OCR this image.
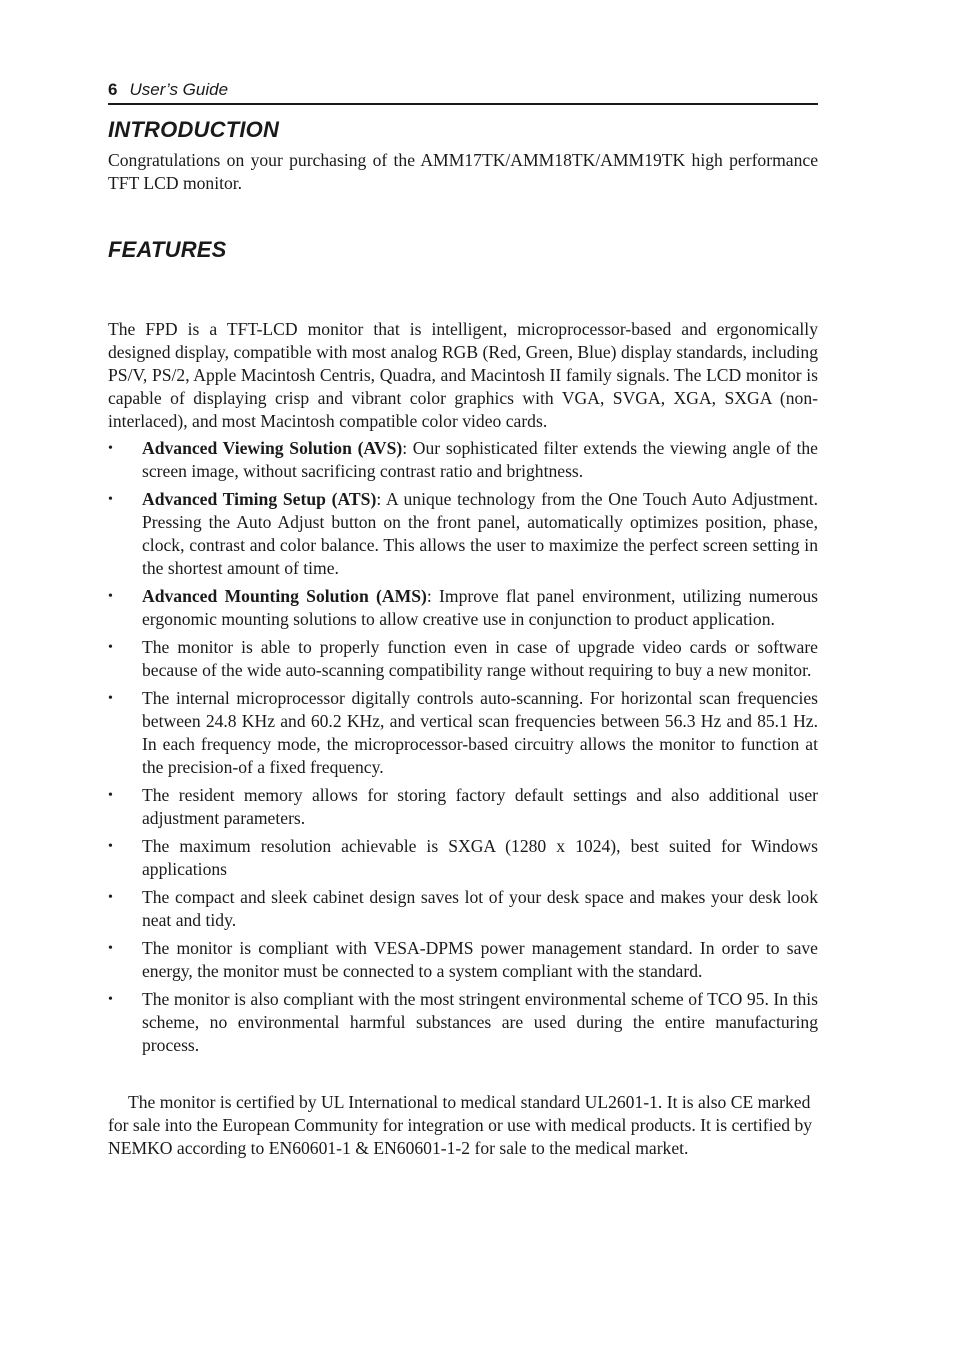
6 User’s Guide
INTRODUCTION

Congratulations on your purchasing of the AMM17TK/AMM18TK/AMM19TK high performance TFT LCD monitor.

FEATURES

The FPD is a TFT-LCD monitor that is intelligent, microprocessor-based and ergonomically designed display, compatible with most analog RGB (Red, Green, Blue) display standards, including PS/V, PS/2, Apple Macintosh Centris, Quadra, and Macintosh II family signals. The LCD monitor is capable of displaying crisp and vibrant color graphics with VGA, SVGA, XGA, SXGA (non-interlaced), and most Macintosh compatible color video cards.

•	Advanced Viewing Solution (AVS): Our sophisticated filter extends the viewing angle of the screen image, without sacrificing contrast ratio and brightness.
•	Advanced Timing Setup (ATS): A unique technology from the One Touch Auto Adjustment. Pressing the Auto Adjust button on the front panel, automatically optimizes position, phase, clock, contrast and color balance. This allows the user to maximize the perfect screen setting in the shortest amount of time.
•	Advanced Mounting Solution (AMS): Improve flat panel environment, utilizing numerous ergonomic mounting solutions to allow creative use in conjunction to product application.
•	The monitor is able to properly function even in case of upgrade video cards or software because of the wide auto-scanning compatibility range without requiring to buy a new monitor.
•	The internal microprocessor digitally controls auto-scanning. For horizontal scan frequencies between 24.8 KHz and 60.2 KHz, and vertical scan frequencies between 56.3 Hz and 85.1 Hz. In each frequency mode, the microprocessor-based circuitry allows the monitor to function at the precision-of a fixed frequency.
•	The resident memory allows for storing factory default settings and also additional user adjustment parameters.
•	The maximum resolution achievable is SXGA (1280 x 1024), best suited for Windows applications
•	The compact and sleek cabinet design saves lot of your desk space and makes your desk look neat and tidy.
•	The monitor is compliant with VESA-DPMS power management standard. In order to save energy, the monitor must be connected to a system compliant with the standard.
•	The monitor is also compliant with the most stringent environmental scheme of TCO 95. In this scheme, no environmental harmful substances are used during the entire manufacturing process.

The monitor is certified by UL International to medical standard UL2601-1. It is also CE marked for sale into the European Community for integration or use with medical products. It is certified by NEMKO according to EN60601-1 & EN60601-1-2 for sale to the medical market.
